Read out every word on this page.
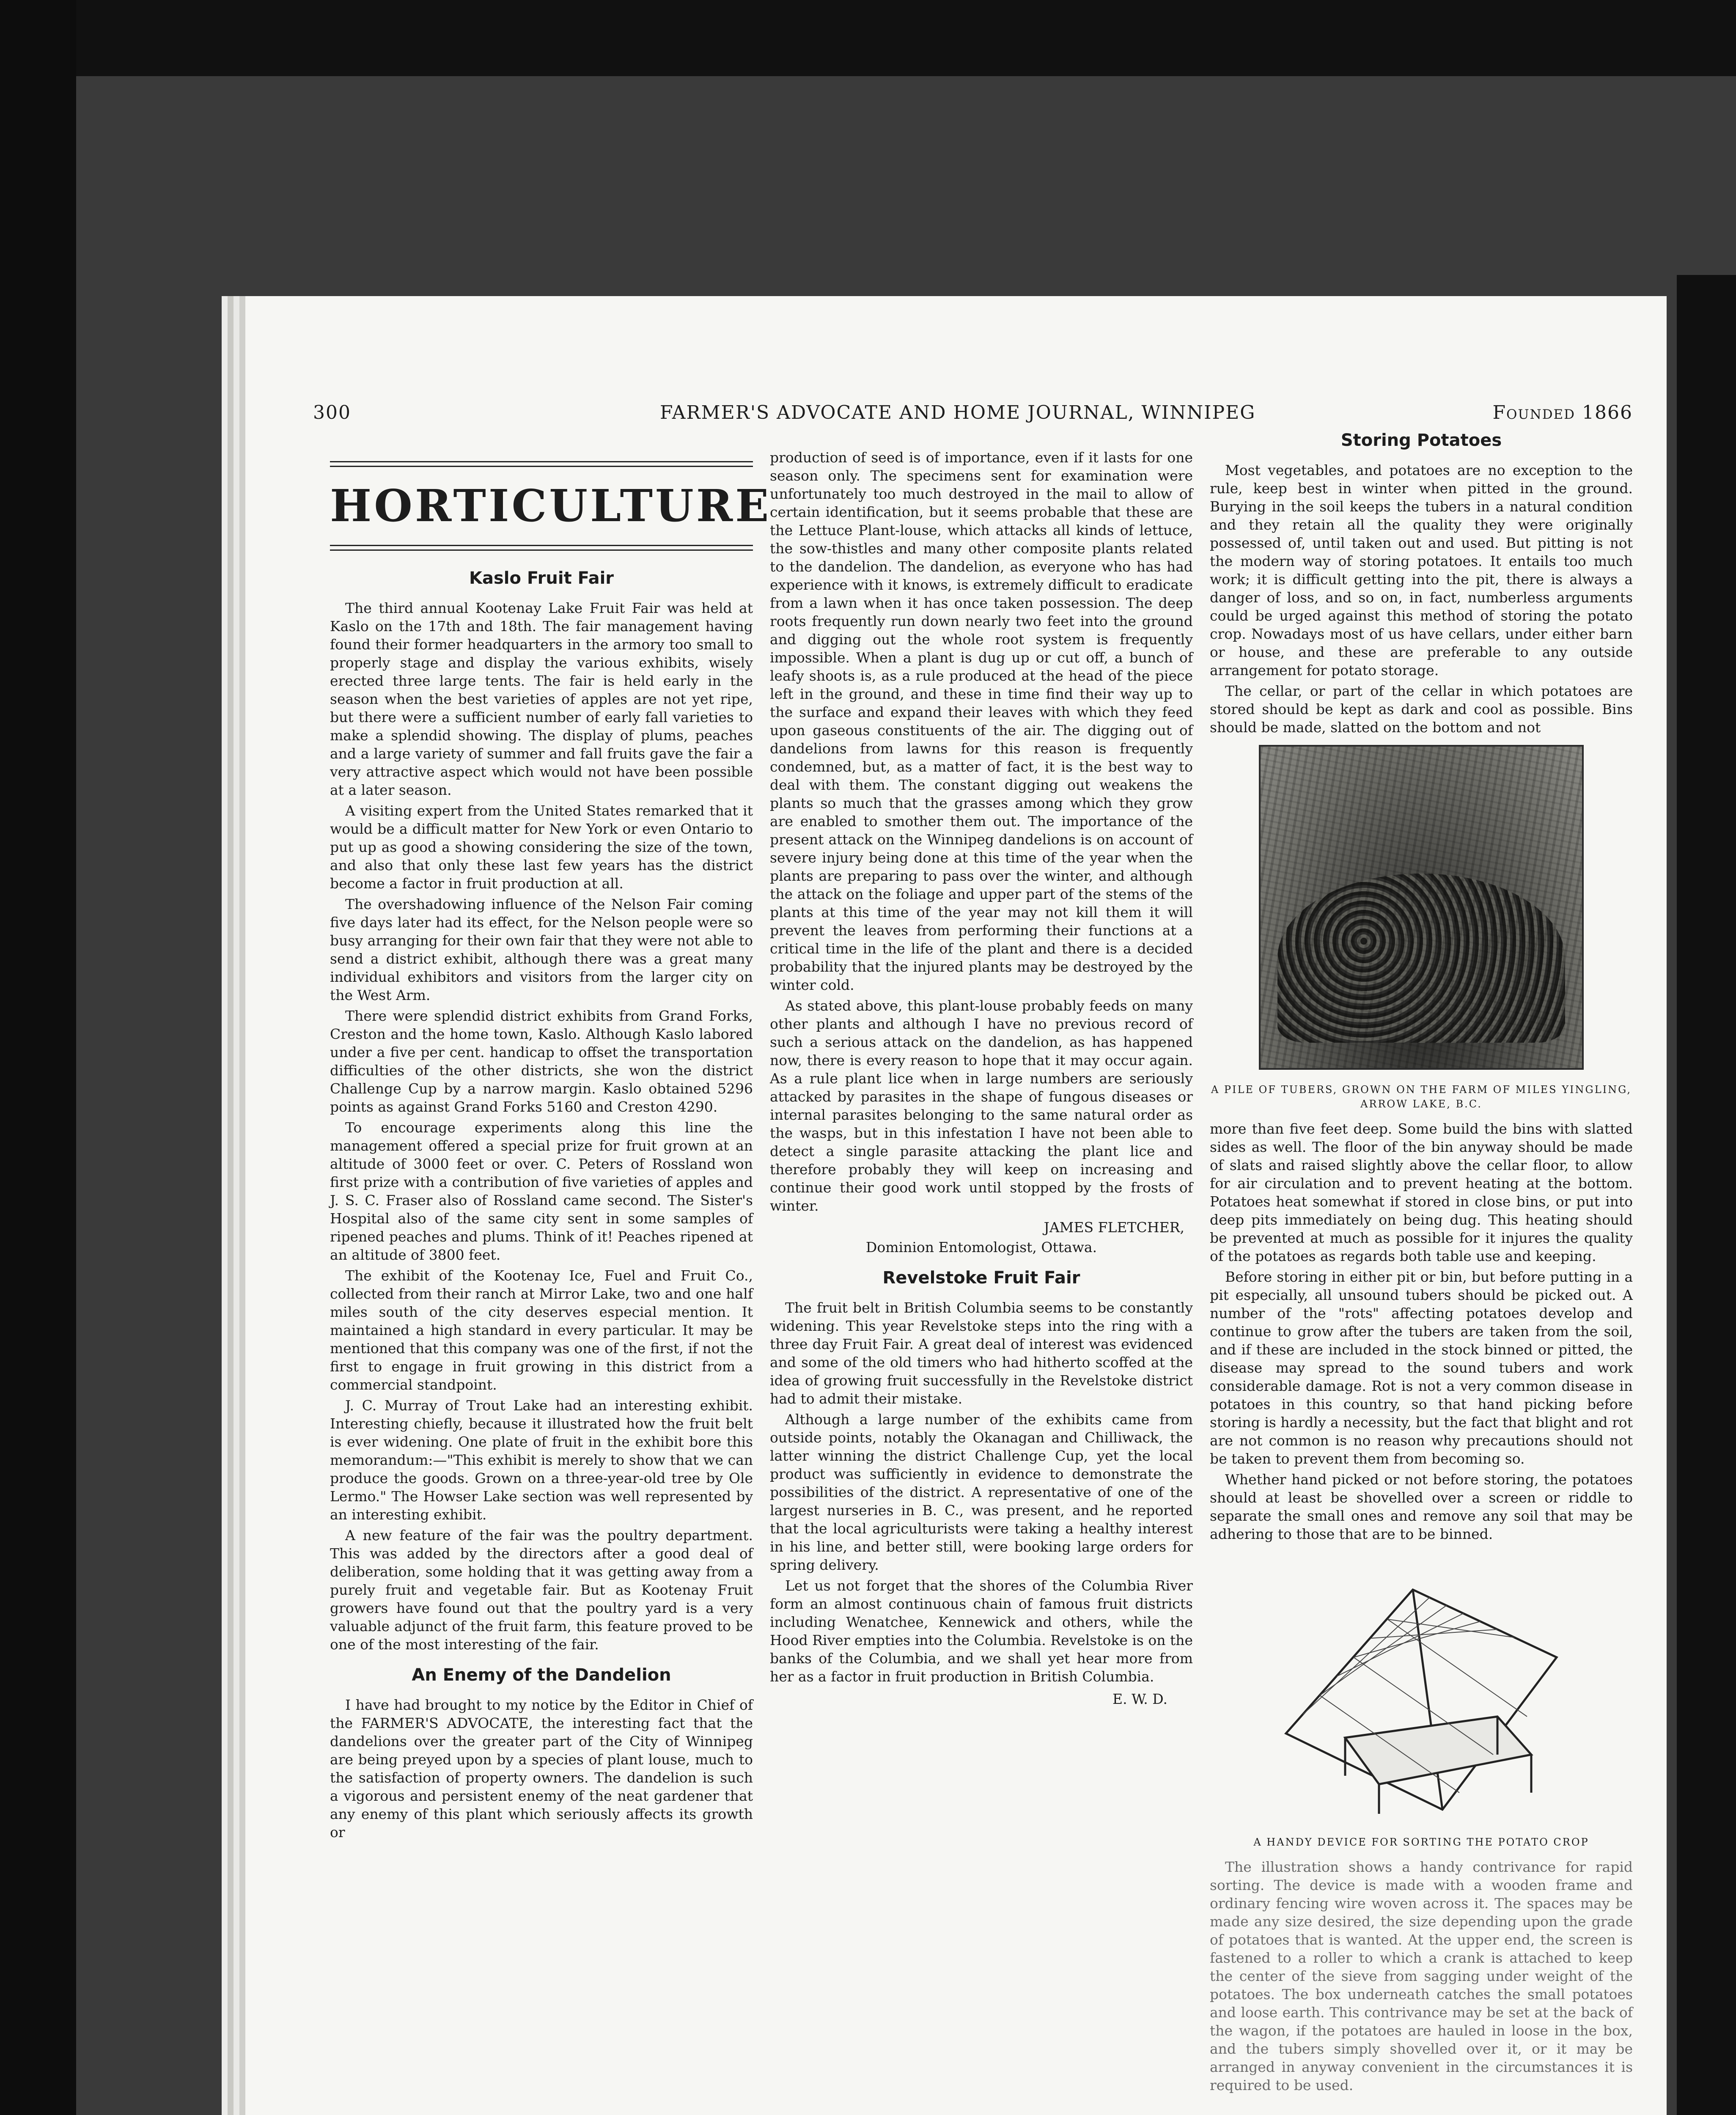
300	FARMER'S ADVOCATE AND HOME JOURNAL, WINNIPEG	Founded 1866
HORTICULTURE
Kaslo Fruit Fair

The third annual Kootenay Lake Fruit Fair was held at Kaslo on the 17th and 18th. The fair management having found their former headquarters in the armory too small to properly stage and display the various exhibits, wisely erected three large tents. The fair is held early in the season when the best varieties of apples are not yet ripe, but there were a sufficient number of early fall varieties to make a splendid showing. The display of plums, peaches and a large variety of summer and fall fruits gave the fair a very attractive aspect which would not have been possible at a later season.

A visiting expert from the United States remarked that it would be a difficult matter for New York or even Ontario to put up as good a showing considering the size of the town, and also that only these last few years has the district become a factor in fruit production at all.

The overshadowing influence of the Nelson Fair coming five days later had its effect, for the Nelson people were so busy arranging for their own fair that they were not able to send a district exhibit, although there was a great many individual exhibitors and visitors from the larger city on the West Arm.

There were splendid district exhibits from Grand Forks, Creston and the home town, Kaslo. Although Kaslo labored under a five per cent. handicap to offset the transportation difficulties of the other districts, she won the district Challenge Cup by a narrow margin. Kaslo obtained 5296 points as against Grand Forks 5160 and Creston 4290.

To encourage experiments along this line the management offered a special prize for fruit grown at an altitude of 3000 feet or over. C. Peters of Rossland won first prize with a contribution of five varieties of apples and J. S. C. Fraser also of Rossland came second. The Sister's Hospital also of the same city sent in some samples of ripened peaches and plums. Think of it! Peaches ripened at an altitude of 3800 feet.

The exhibit of the Kootenay Ice, Fuel and Fruit Co., collected from their ranch at Mirror Lake, two and one half miles south of the city deserves especial mention. It maintained a high standard in every particular. It may be mentioned that this company was one of the first, if not the first to engage in fruit growing in this district from a commercial standpoint.

J. C. Murray of Trout Lake had an interesting exhibit. Interesting chiefly, because it illustrated how the fruit belt is ever widening. One plate of fruit in the exhibit bore this memorandum:—"This exhibit is merely to show that we can produce the goods. Grown on a three-year-old tree by Ole Lermo." The Howser Lake section was well represented by an interesting exhibit.

A new feature of the fair was the poultry department. This was added by the directors after a good deal of deliberation, some holding that it was getting away from a purely fruit and vegetable fair. But as Kootenay Fruit growers have found out that the poultry yard is a very valuable adjunct of the fruit farm, this feature proved to be one of the most interesting of the fair.

An Enemy of the Dandelion

I have had brought to my notice by the Editor in Chief of the FARMER'S ADVOCATE, the interesting fact that the dandelions over the greater part of the City of Winnipeg are being preyed upon by a species of plant louse, much to the satisfaction of property owners. The dandelion is such a vigorous and persistent enemy of the neat gardener that any enemy of this plant which seriously affects its growth or

production of seed is of importance, even if it lasts for one season only. The specimens sent for examination were unfortunately too much destroyed in the mail to allow of certain identification, but it seems probable that these are the Lettuce Plant-louse, which attacks all kinds of lettuce, the sow-thistles and many other composite plants related to the dandelion. The dandelion, as everyone who has had experience with it knows, is extremely difficult to eradicate from a lawn when it has once taken possession. The deep roots frequently run down nearly two feet into the ground and digging out the whole root system is frequently impossible. When a plant is dug up or cut off, a bunch of leafy shoots is, as a rule produced at the head of the piece left in the ground, and these in time find their way up to the surface and expand their leaves with which they feed upon gaseous constituents of the air. The digging out of dandelions from lawns for this reason is frequently condemned, but, as a matter of fact, it is the best way to deal with them. The constant digging out weakens the plants so much that the grasses among which they grow are enabled to smother them out. The importance of the present attack on the Winnipeg dandelions is on account of severe injury being done at this time of the year when the plants are preparing to pass over the winter, and although the attack on the foliage and upper part of the stems of the plants at this time of the year may not kill them it will prevent the leaves from performing their functions at a critical time in the life of the plant and there is a decided probability that the injured plants may be destroyed by the winter cold.

As stated above, this plant-louse probably feeds on many other plants and although I have no previous record of such a serious attack on the dandelion, as has happened now, there is every reason to hope that it may occur again. As a rule plant lice when in large numbers are seriously attacked by parasites in the shape of fungous diseases or internal parasites belonging to the same natural order as the wasps, but in this infestation I have not been able to detect a single parasite attacking the plant lice and therefore probably they will keep on increasing and continue their good work until stopped by the frosts of winter.

JAMES FLETCHER,
Dominion Entomologist, Ottawa.
Revelstoke Fruit Fair

The fruit belt in British Columbia seems to be constantly widening. This year Revelstoke steps into the ring with a three day Fruit Fair. A great deal of interest was evidenced and some of the old timers who had hitherto scoffed at the idea of growing fruit successfully in the Revelstoke district had to admit their mistake.

Although a large number of the exhibits came from outside points, notably the Okanagan and Chilliwack, the latter winning the district Challenge Cup, yet the local product was sufficiently in evidence to demonstrate the possibilities of the district. A representative of one of the largest nurseries in B. C., was present, and he reported that the local agriculturists were taking a healthy interest in his line, and better still, were booking large orders for spring delivery.

Let us not forget that the shores of the Columbia River form an almost continuous chain of famous fruit districts including Wenatchee, Kennewick and others, while the Hood River empties into the Columbia. Revelstoke is on the banks of the Columbia, and we shall yet hear more from her as a factor in fruit production in British Columbia.

E. W. D.
Storing Potatoes

Most vegetables, and potatoes are no exception to the rule, keep best in winter when pitted in the ground. Burying in the soil keeps the tubers in a natural condition and they retain all the quality they were originally possessed of, until taken out and used. But pitting is not the modern way of storing potatoes. It entails too much work; it is difficult getting into the pit, there is always a danger of loss, and so on, in fact, numberless arguments could be urged against this method of storing the potato crop. Nowadays most of us have cellars, under either barn or house, and these are preferable to any outside arrangement for potato storage.

The cellar, or part of the cellar in which potatoes are stored should be kept as dark and cool as possible. Bins should be made, slatted on the bottom and not

A PILE OF TUBERS, GROWN ON THE FARM OF MILES YINGLING, ARROW LAKE, B.C.

more than five feet deep. Some build the bins with slatted sides as well. The floor of the bin anyway should be made of slats and raised slightly above the cellar floor, to allow for air circulation and to prevent heating at the bottom. Potatoes heat somewhat if stored in close bins, or put into deep pits immediately on being dug. This heating should be prevented at much as possible for it injures the quality of the potatoes as regards both table use and keeping.

Before storing in either pit or bin, but before putting in a pit especially, all unsound tubers should be picked out. A number of the "rots" affecting potatoes develop and continue to grow after the tubers are taken from the soil, and if these are included in the stock binned or pitted, the disease may spread to the sound tubers and work considerable damage. Rot is not a very common disease in potatoes in this country, so that hand picking before storing is hardly a necessity, but the fact that blight and rot are not common is no reason why precautions should not be taken to prevent them from becoming so.

Whether hand picked or not before storing, the potatoes should at least be shovelled over a screen or riddle to separate the small ones and remove any soil that may be adhering to those that are to be binned.

A HANDY DEVICE FOR SORTING THE POTATO CROP

The illustration shows a handy contrivance for rapid sorting. The device is made with a wooden frame and ordinary fencing wire woven across it. The spaces may be made any size desired, the size depending upon the grade of potatoes that is wanted. At the upper end, the screen is fastened to a roller to which a crank is attached to keep the center of the sieve from sagging under weight of the potatoes. The box underneath catches the small potatoes and loose earth. This contrivance may be set at the back of the wagon, if the potatoes are hauled in loose in the box, and the tubers simply shovelled over it, or it may be arranged in anyway convenient in the circumstances it is required to be used.
